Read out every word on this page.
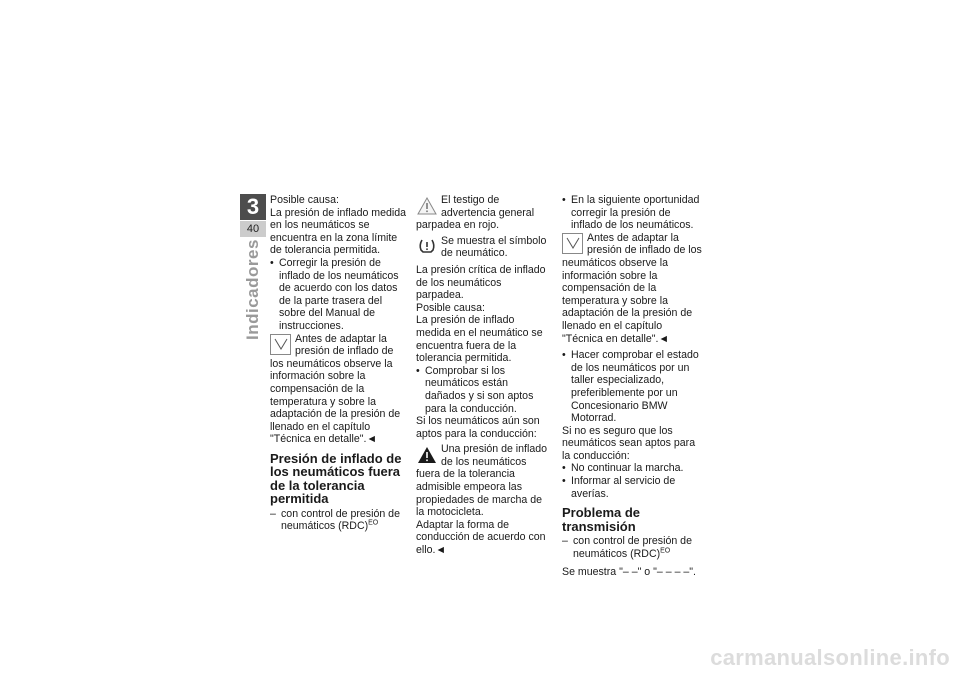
3
40
Indicadores

Posible causa:

La presión de inflado medida en los neumáticos se encuentra en la zona límite de tolerancia permitida.

• Corregir la presión de inflado de los neumáticos de acuerdo con los datos de la parte trasera del sobre del Manual de instrucciones.

Antes de adaptar la presión de inflado de los neumáticos observe la información sobre la compensación de la temperatura y sobre la adaptación de la presión de llenado en el capítulo "Técnica en detalle".◄
Presión de inflado de los neumáticos fuera de la tolerancia permitida

– con control de presión de neumáticos (RDC)$^{EO}$

El testigo de advertencia general parpadea en rojo.
Se muestra el símbolo de neumático.

La presión crítica de inflado de los neumáticos parpadea.

Posible causa:

La presión de inflado medida en el neumático se encuentra fuera de la tolerancia permitida.

• Comprobar si los neumáticos están dañados y si son aptos para la conducción.

Si los neumáticos aún son aptos para la conducción:

Una presión de inflado de los neumáticos fuera de la tolerancia admisible empeora las propiedades de marcha de la motocicleta.

Adaptar la forma de conducción de acuerdo con ello.◄

• En la siguiente oportunidad corregir la presión de inflado de los neumáticos.

Antes de adaptar la presión de inflado de los neumáticos observe la información sobre la compensación de la temperatura y sobre la adaptación de la presión de llenado en el capítulo "Técnica en detalle".◄

• Hacer comprobar el estado de los neumáticos por un taller especializado, preferiblemente por un Concesionario BMW Motorrad.

Si no es seguro que los neumáticos sean aptos para la conducción:

• No continuar la marcha.

• Informar al servicio de averías.

Problema de transmisión

– con control de presión de neumáticos (RDC)$^{EO}$

Se muestra "– –" o "– – – –".

carmanualsonline.info
